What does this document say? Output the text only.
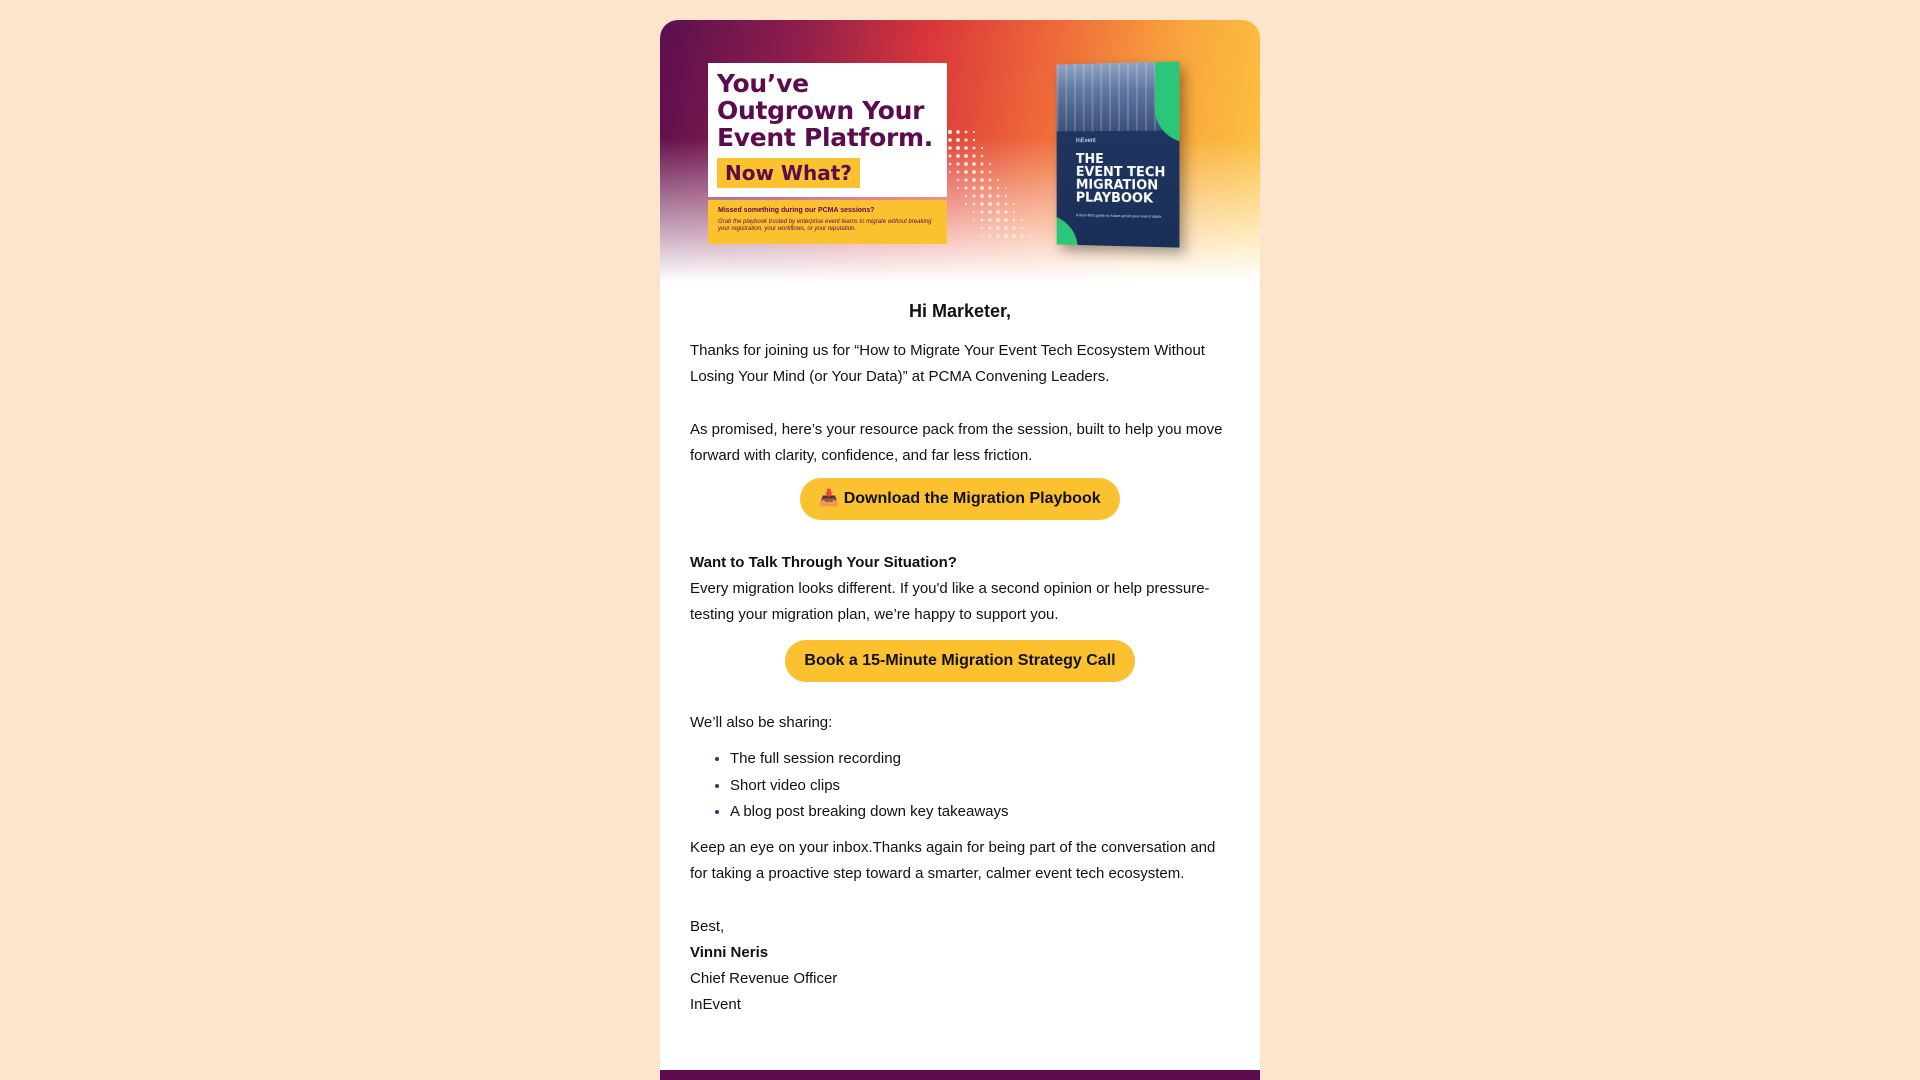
You’ve
Outgrown Your
Event Platform.
Now What?
Missed something during our PCMA sessions?
Grab the playbook trusted by enterprise event teams to migrate without breaking your registration, your workflows, or your reputation.
InEvent
THE
EVENT TECH
MIGRATION
PLAYBOOK
A tech-first guide to future-proof your event stack
Hi Marketer,

Thanks for joining us for “How to Migrate Your Event Tech Ecosystem Without Losing Your Mind (or Your Data)” at PCMA Convening Leaders.

As promised, here’s your resource pack from the session, built to help you move forward with clarity, confidence, and far less friction.

📥 Download the Migration Playbook
Want to Talk Through Your Situation?

Every migration looks different. If you'd like a second opinion or help pressure-testing your migration plan, we’re happy to support you.

Book a 15-Minute Migration Strategy Call

We’ll also be sharing:

• The full session recording
• Short video clips
• A blog post breaking down key takeaways

Keep an eye on your inbox.Thanks again for being part of the conversation and for taking a proactive step toward a smarter, calmer event tech ecosystem.

Best,
Vinni Neris
Chief Revenue Officer
InEvent
